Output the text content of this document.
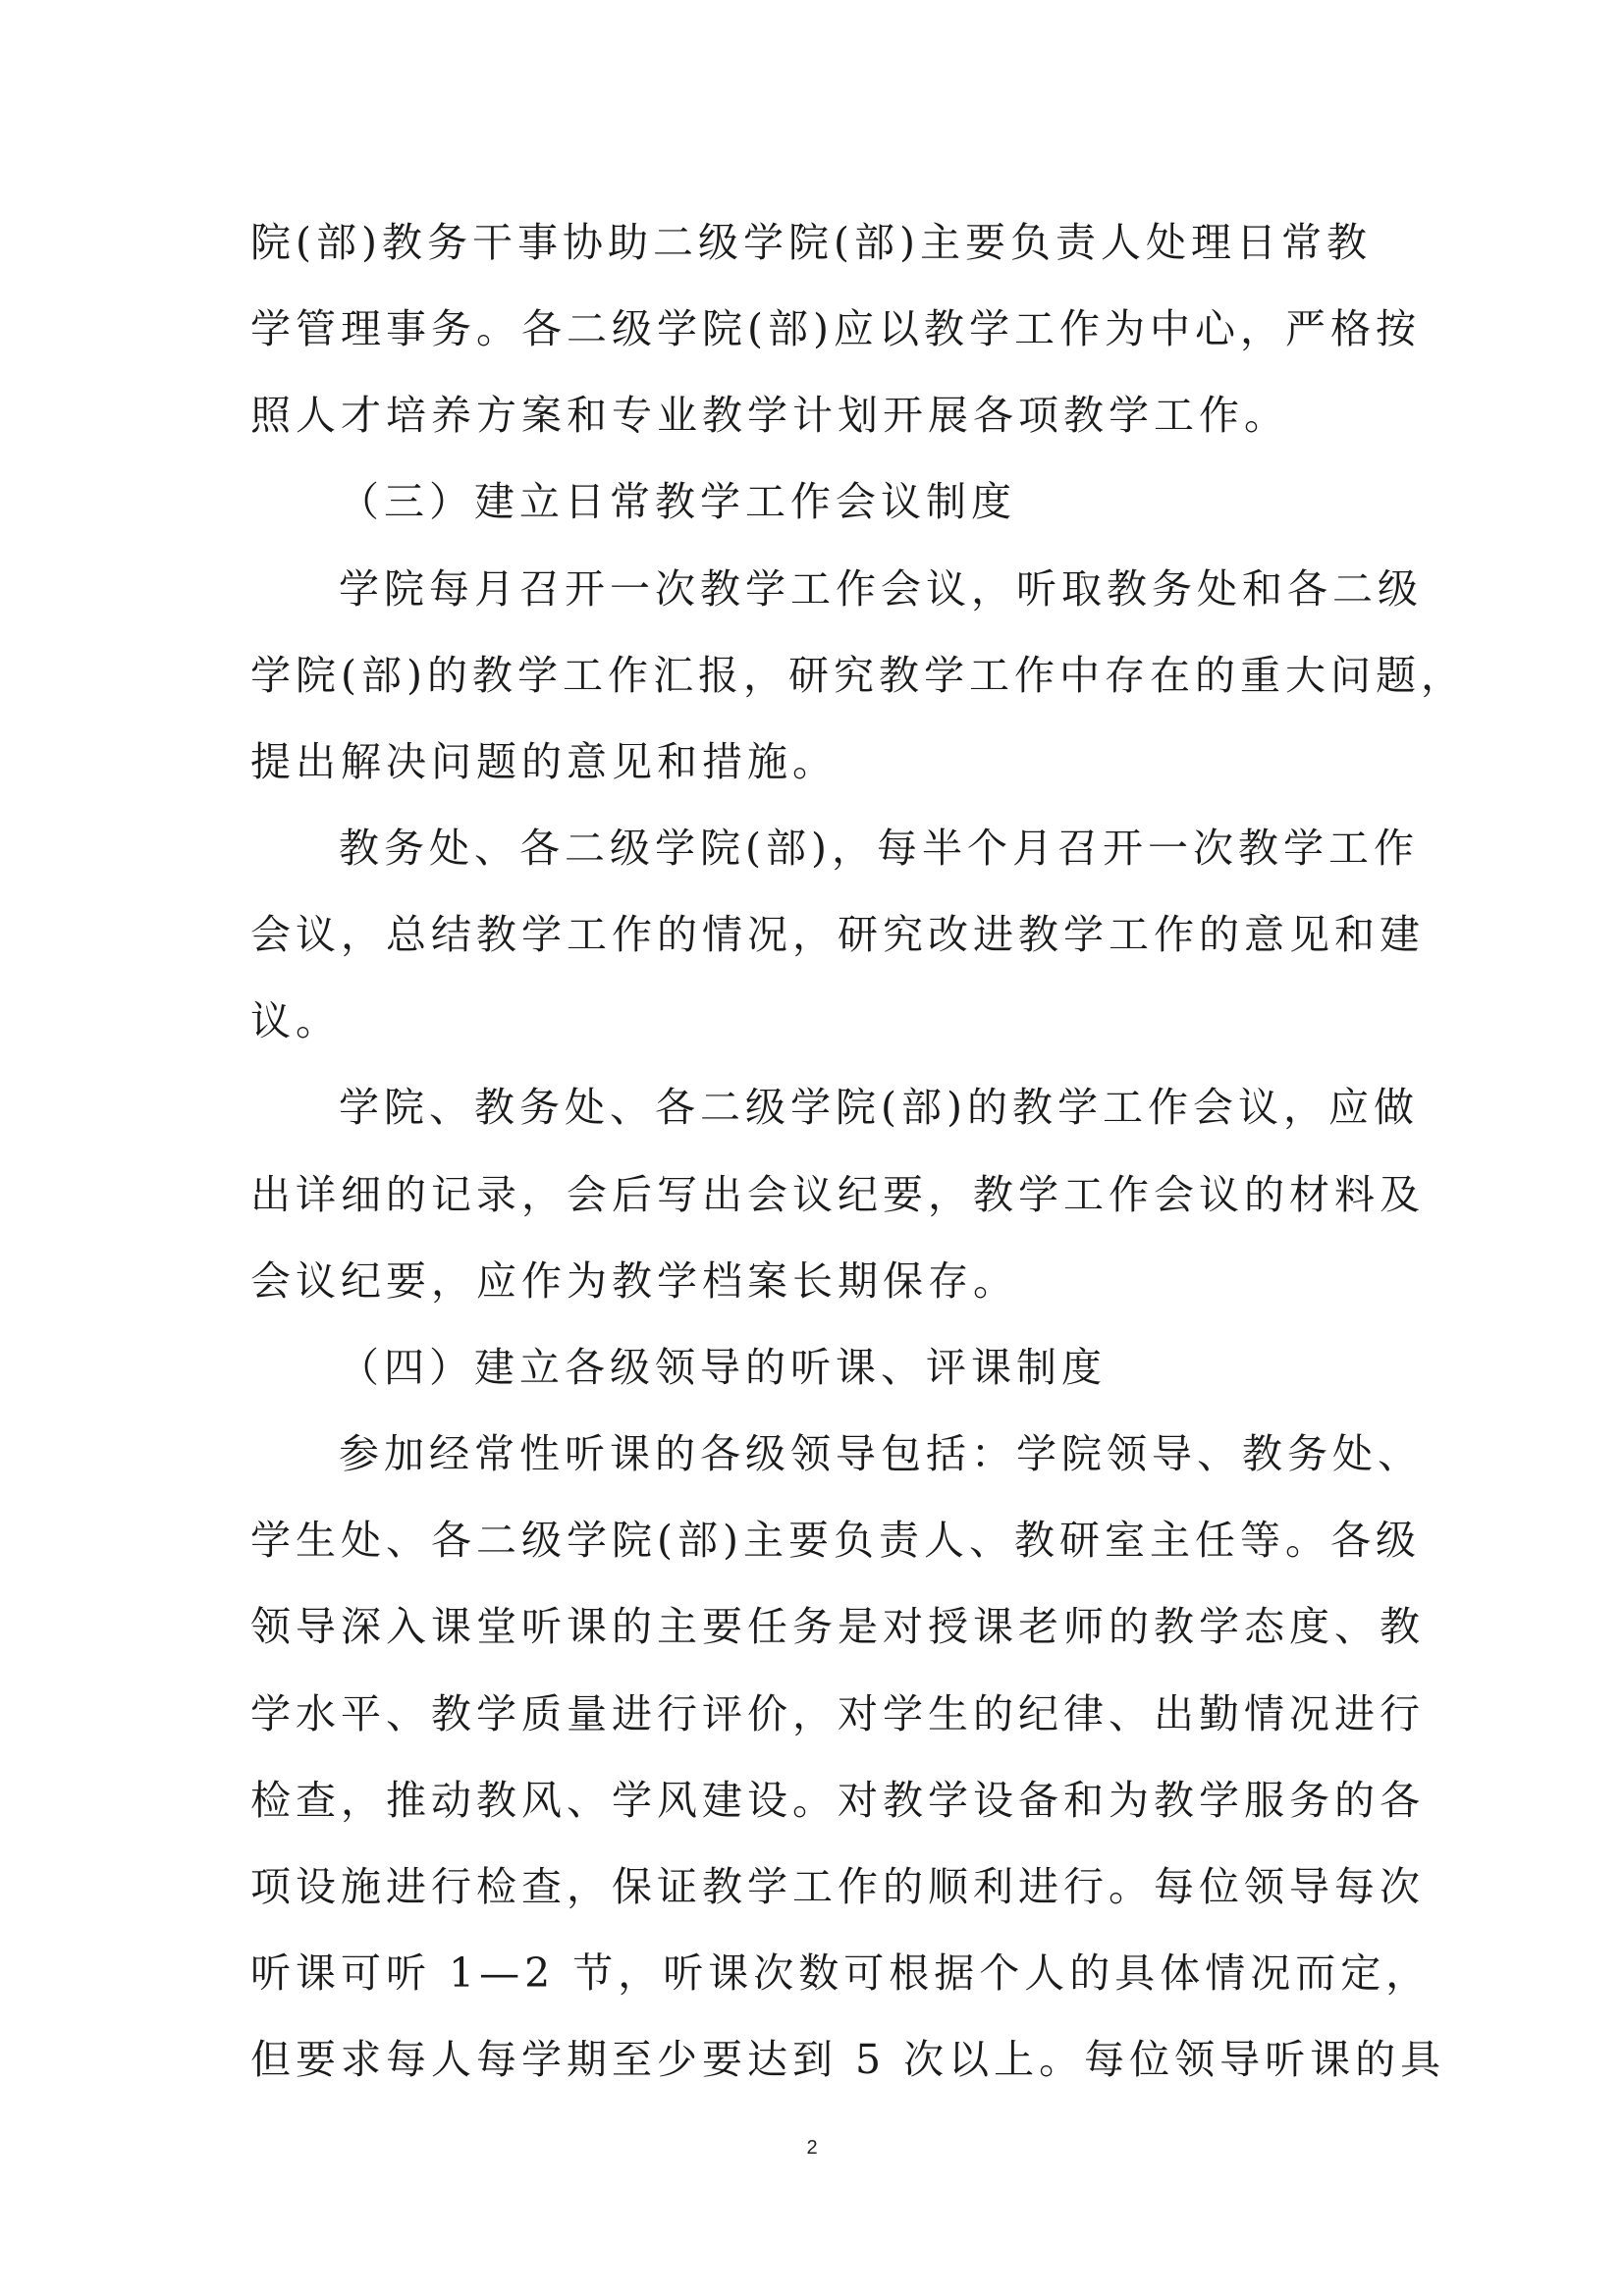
院(部)教务干事协助二级学院(部)主要负责人处理日常教
学管理事务。各二级学院(部)应以教学工作为中心，严格按
照人才培养方案和专业教学计划开展各项教学工作。
（三）建立日常教学工作会议制度
学院每月召开一次教学工作会议，听取教务处和各二级
学院(部)的教学工作汇报，研究教学工作中存在的重大问题，
提出解决问题的意见和措施。
教务处、各二级学院(部)，每半个月召开一次教学工作
会议，总结教学工作的情况，研究改进教学工作的意见和建
议。
学院、教务处、各二级学院(部)的教学工作会议，应做
出详细的记录，会后写出会议纪要，教学工作会议的材料及
会议纪要，应作为教学档案长期保存。
（四）建立各级领导的听课、评课制度
参加经常性听课的各级领导包括：学院领导、教务处、
学生处、各二级学院(部)主要负责人、教研室主任等。各级
领导深入课堂听课的主要任务是对授课老师的教学态度、教
学水平、教学质量进行评价，对学生的纪律、出勤情况进行
检查，推动教风、学风建设。对教学设备和为教学服务的各
项设施进行检查，保证教学工作的顺利进行。每位领导每次
听课可听 1—2 节，听课次数可根据个人的具体情况而定，
但要求每人每学期至少要达到 5 次以上。每位领导听课的具
2
